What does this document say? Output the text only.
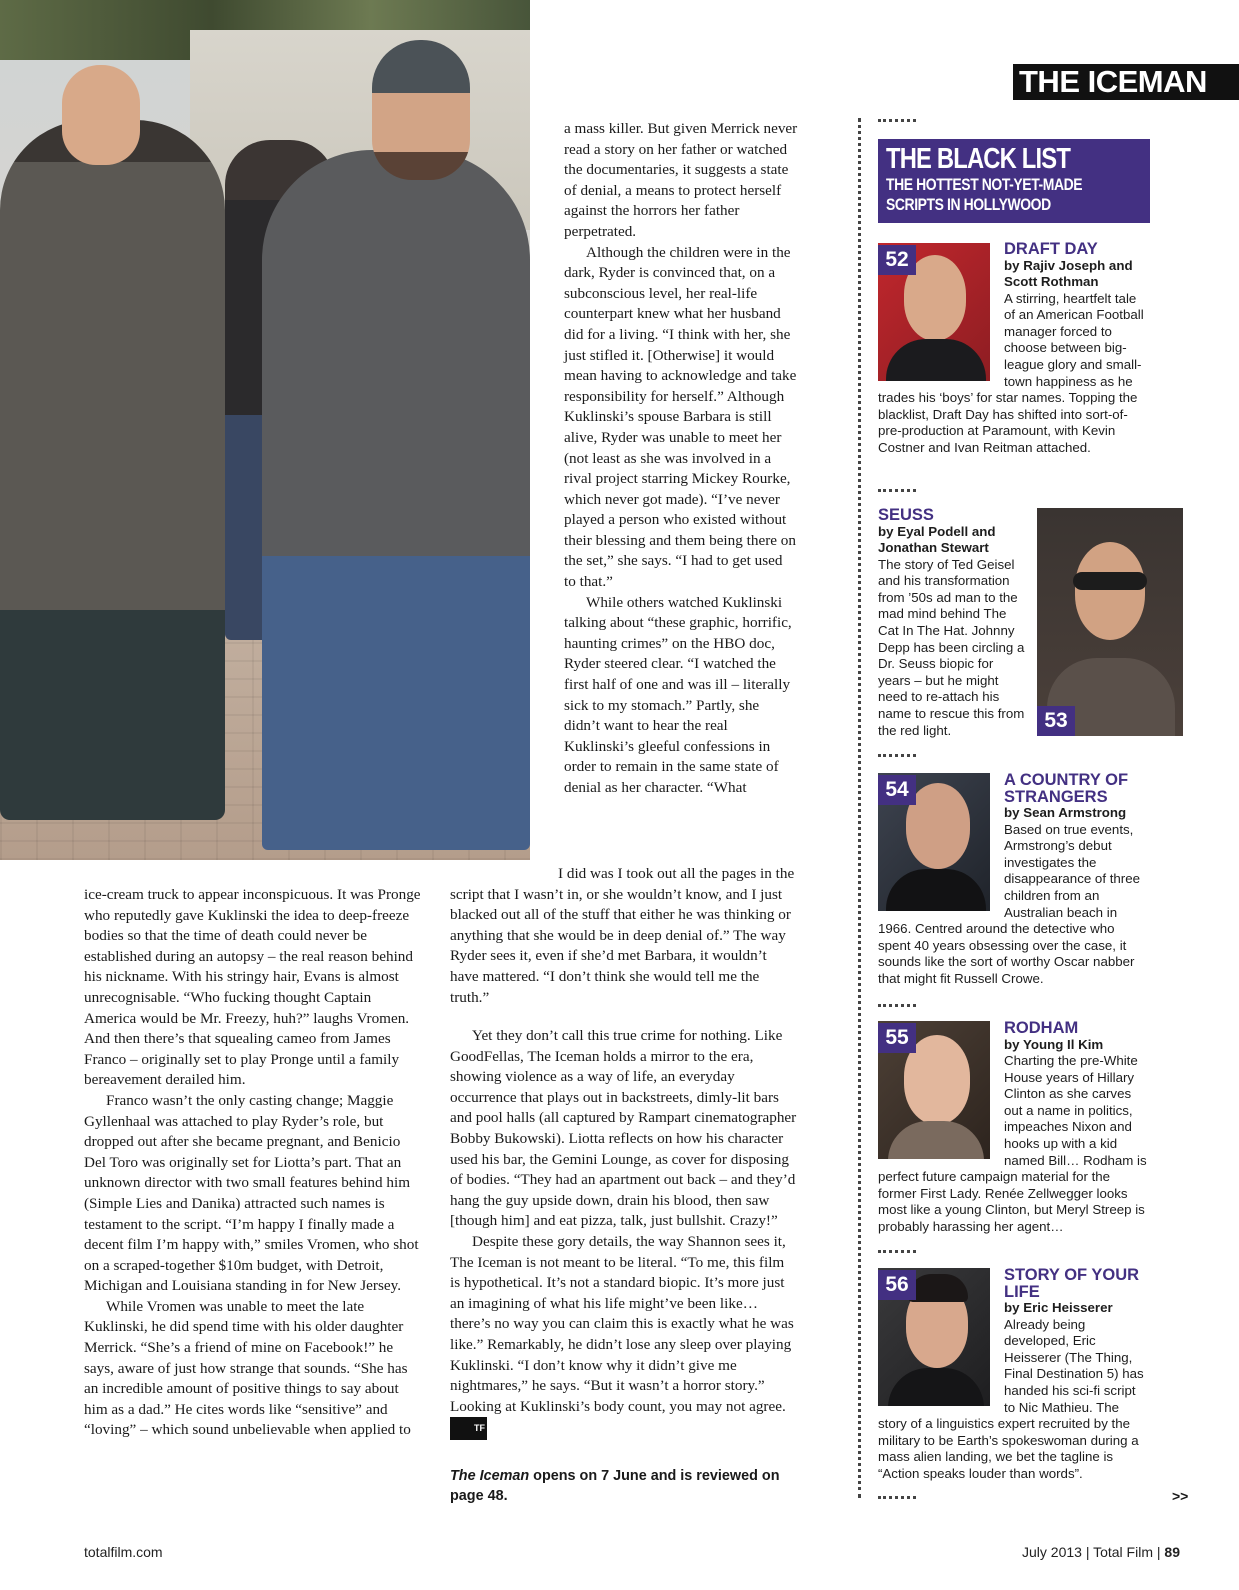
THE ICEMAN

a mass killer. But given Merrick never read a story on her father or watched the documentaries, it suggests a state of denial, a means to protect herself against the horrors her father perpetrated.

Although the children were in the dark, Ryder is convinced that, on a subconscious level, her real-life counterpart knew what her husband did for a living. “I think with her, she just stifled it. [Otherwise] it would mean having to acknowledge and take responsibility for herself.” Although Kuklinski’s spouse Barbara is still alive, Ryder was unable to meet her (not least as she was involved in a rival project starring Mickey Rourke, which never got made). “I’ve never played a person who existed without their blessing and them being there on the set,” she says. “I had to get used to that.”

While others watched Kuklinski talking about “these graphic, horrific, haunting crimes” on the HBO doc, Ryder steered clear. “I watched the first half of one and was ill – literally sick to my stomach.” Partly, she didn’t want to hear the real Kuklinski’s gleeful confessions in order to remain in the same state of denial as her character. “What

I did was I took out all the pages in the script that I wasn’t in, or she wouldn’t know, and I just blacked out all of the stuff that either he was thinking or anything that she would be in deep denial of.” The way Ryder sees it, even if she’d met Barbara, it wouldn’t have mattered. “I don’t think she would tell me the truth.”

ice-cream truck to appear inconspicuous. It was Pronge who reputedly gave Kuklinski the idea to deep-freeze bodies so that the time of death could never be established during an autopsy – the real reason behind his nickname. With his stringy hair, Evans is almost unrecognisable. “Who fucking thought Captain America would be Mr. Freezy, huh?” laughs Vromen. And then there’s that squealing cameo from James Franco – originally set to play Pronge until a family bereavement derailed him.

Franco wasn’t the only casting change; Maggie Gyllenhaal was attached to play Ryder’s role, but dropped out after she became pregnant, and Benicio Del Toro was originally set for Liotta’s part. That an unknown director with two small features behind him (Simple Lies and Danika) attracted such names is testament to the script. “I’m happy I finally made a decent film I’m happy with,” smiles Vromen, who shot on a scraped-together $10m budget, with Detroit, Michigan and Louisiana standing in for New Jersey.

While Vromen was unable to meet the late Kuklinski, he did spend time with his older daughter Merrick. “She’s a friend of mine on Facebook!” he says, aware of just how strange that sounds. “She has an incredible amount of positive things to say about him as a dad.” He cites words like “sensitive” and “loving” – which sound unbelievable when applied to

Yet they don’t call this true crime for nothing. Like GoodFellas, The Iceman holds a mirror to the era, showing violence as a way of life, an everyday occurrence that plays out in backstreets, dimly-lit bars and pool halls (all captured by Rampart cinematographer Bobby Bukowski). Liotta reflects on how his character used his bar, the Gemini Lounge, as cover for disposing of bodies. “They had an apartment out back – and they’d hang the guy upside down, drain his blood, then saw [though him] and eat pizza, talk, just bullshit. Crazy!”

Despite these gory details, the way Shannon sees it, The Iceman is not meant to be literal. “To me, this film is hypothetical. It’s not a standard biopic. It’s more just an imagining of what his life might’ve been like… there’s no way you can claim this is exactly what he was like.” Remarkably, he didn’t lose any sleep over playing Kuklinski. “I don’t know why it didn’t give me nightmares,” he says. “But it wasn’t a horror story.” Looking at Kuklinski’s body count, you may not agree. TF

The Iceman opens on 7 June and is reviewed on page 48.
THE BLACK LIST
THE HOTTEST NOT-YET-MADE
SCRIPTS IN HOLLYWOOD
52	DRAFT DAY
by Rajiv Joseph and Scott Rothman
A stirring, heartfelt tale of an American Football manager forced to choose between big-league glory and small-town happiness as he trades his ‘boys’ for star names. Topping the blacklist, Draft Day has shifted into sort-of-pre-production at Paramount, with Kevin Costner and Ivan Reitman attached.
53
SEUSS
by Eyal Podell and Jonathan Stewart
The story of Ted Geisel and his transformation from ’50s ad man to the mad mind behind The Cat In The Hat. Johnny Depp has been circling a Dr. Seuss biopic for years – but he might need to re-attach his name to rescue this from the red light.
54	A COUNTRY OF STRANGERS
by Sean Armstrong
Based on true events, Armstrong’s debut investigates the disappearance of three children from an Australian beach in 1966. Centred around the detective who spent 40 years obsessing over the case, it sounds like the sort of worthy Oscar nabber that might fit Russell Crowe.
55	RODHAM
by Young Il Kim
Charting the pre-White House years of Hillary Clinton as she carves out a name in politics, impeaches Nixon and hooks up with a kid named Bill… Rodham is perfect future campaign material for the former First Lady. Renée Zellwegger looks most like a young Clinton, but Meryl Streep is probably harassing her agent…
56	STORY OF YOUR LIFE
by Eric Heisserer
Already being developed, Eric Heisserer (The Thing, Final Destination 5) has handed his sci-fi script to Nic Mathieu. The story of a linguistics expert recruited by the military to be Earth’s spokeswoman during a mass alien landing, we bet the tagline is “Action speaks louder than words”.
>>
totalfilm.com	July 2013 | Total Film | 89
